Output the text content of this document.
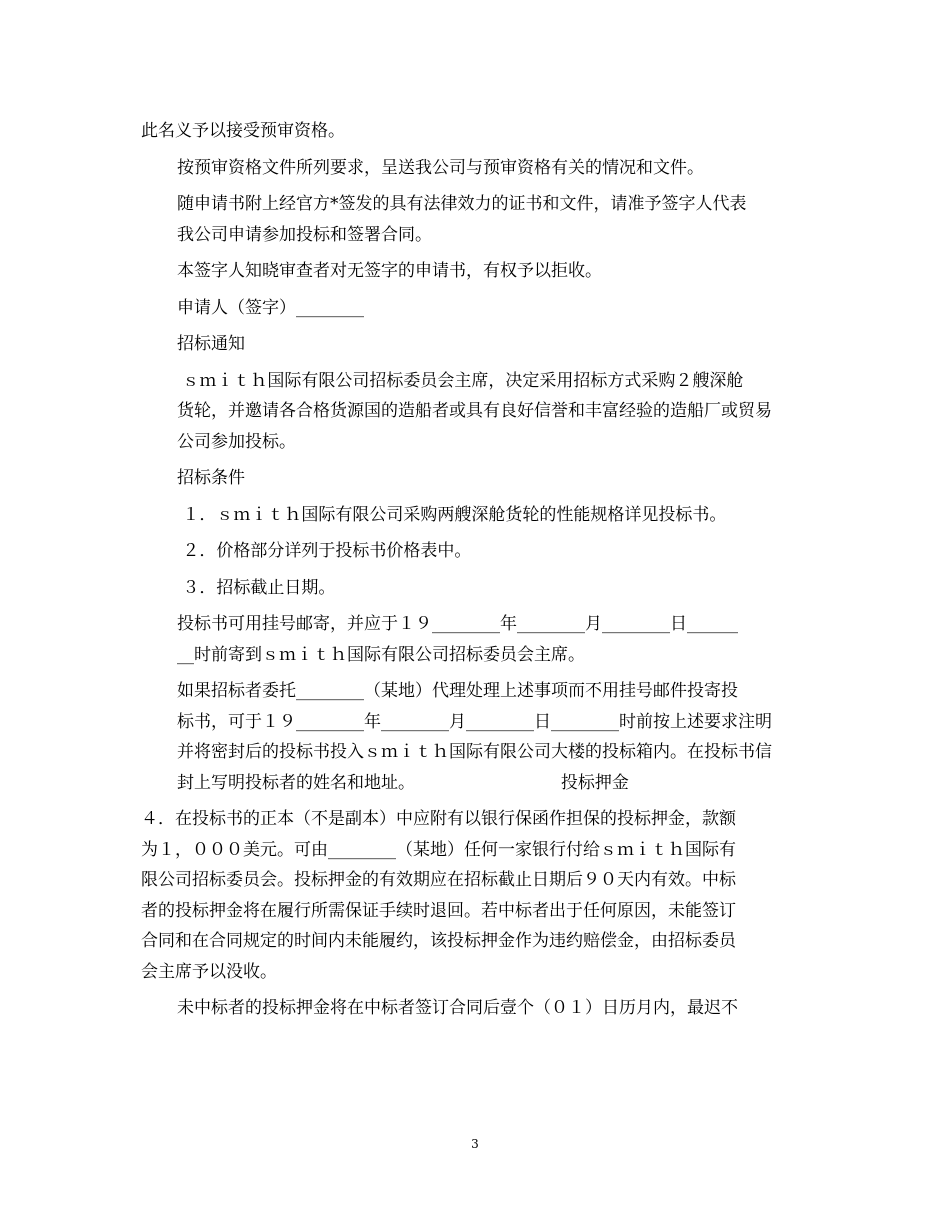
此名义予以接受预审资格。

按预审资格文件所列要求，呈送我公司与预审资格有关的情况和文件。

随申请书附上经官方*签发的具有法律效力的证书和文件，请准予签字人代表
我公司申请参加投标和签署合同。

本签字人知晓审查者对无签字的申请书，有权予以拒收。

申请人（签字）________

招标通知

ｓｍｉｔｈ国际有限公司招标委员会主席，决定采用招标方式采购２艘深舱
货轮，并邀请各合格货源国的造船者或具有良好信誉和丰富经验的造船厂或贸易
公司参加投标。

招标条件

１．ｓｍｉｔｈ国际有限公司采购两艘深舱货轮的性能规格详见投标书。

２．价格部分详列于投标书价格表中。

３．招标截止日期。

投标书可用挂号邮寄，并应于１９________年________月________日______
__时前寄到ｓｍｉｔｈ国际有限公司招标委员会主席。

如果招标者委托________（某地）代理处理上述事项而不用挂号邮件投寄投
标书，可于１９________年________月________日________时前按上述要求注明
并将密封后的投标书投入ｓｍｉｔｈ国际有限公司大楼的投标箱内。在投标书信
封上写明投标者的姓名和地址。                           投标押金

４．在投标书的正本（不是副本）中应附有以银行保函作担保的投标押金，款额
为１，０００美元。可由________（某地）任何一家银行付给ｓｍｉｔｈ国际有
限公司招标委员会。投标押金的有效期应在招标截止日期后９０天内有效。中标
者的投标押金将在履行所需保证手续时退回。若中标者出于任何原因，未能签订
合同和在合同规定的时间内未能履约，该投标押金作为违约赔偿金，由招标委员
会主席予以没收。

未中标者的投标押金将在中标者签订合同后壹个（０１）日历月内，最迟不

3
